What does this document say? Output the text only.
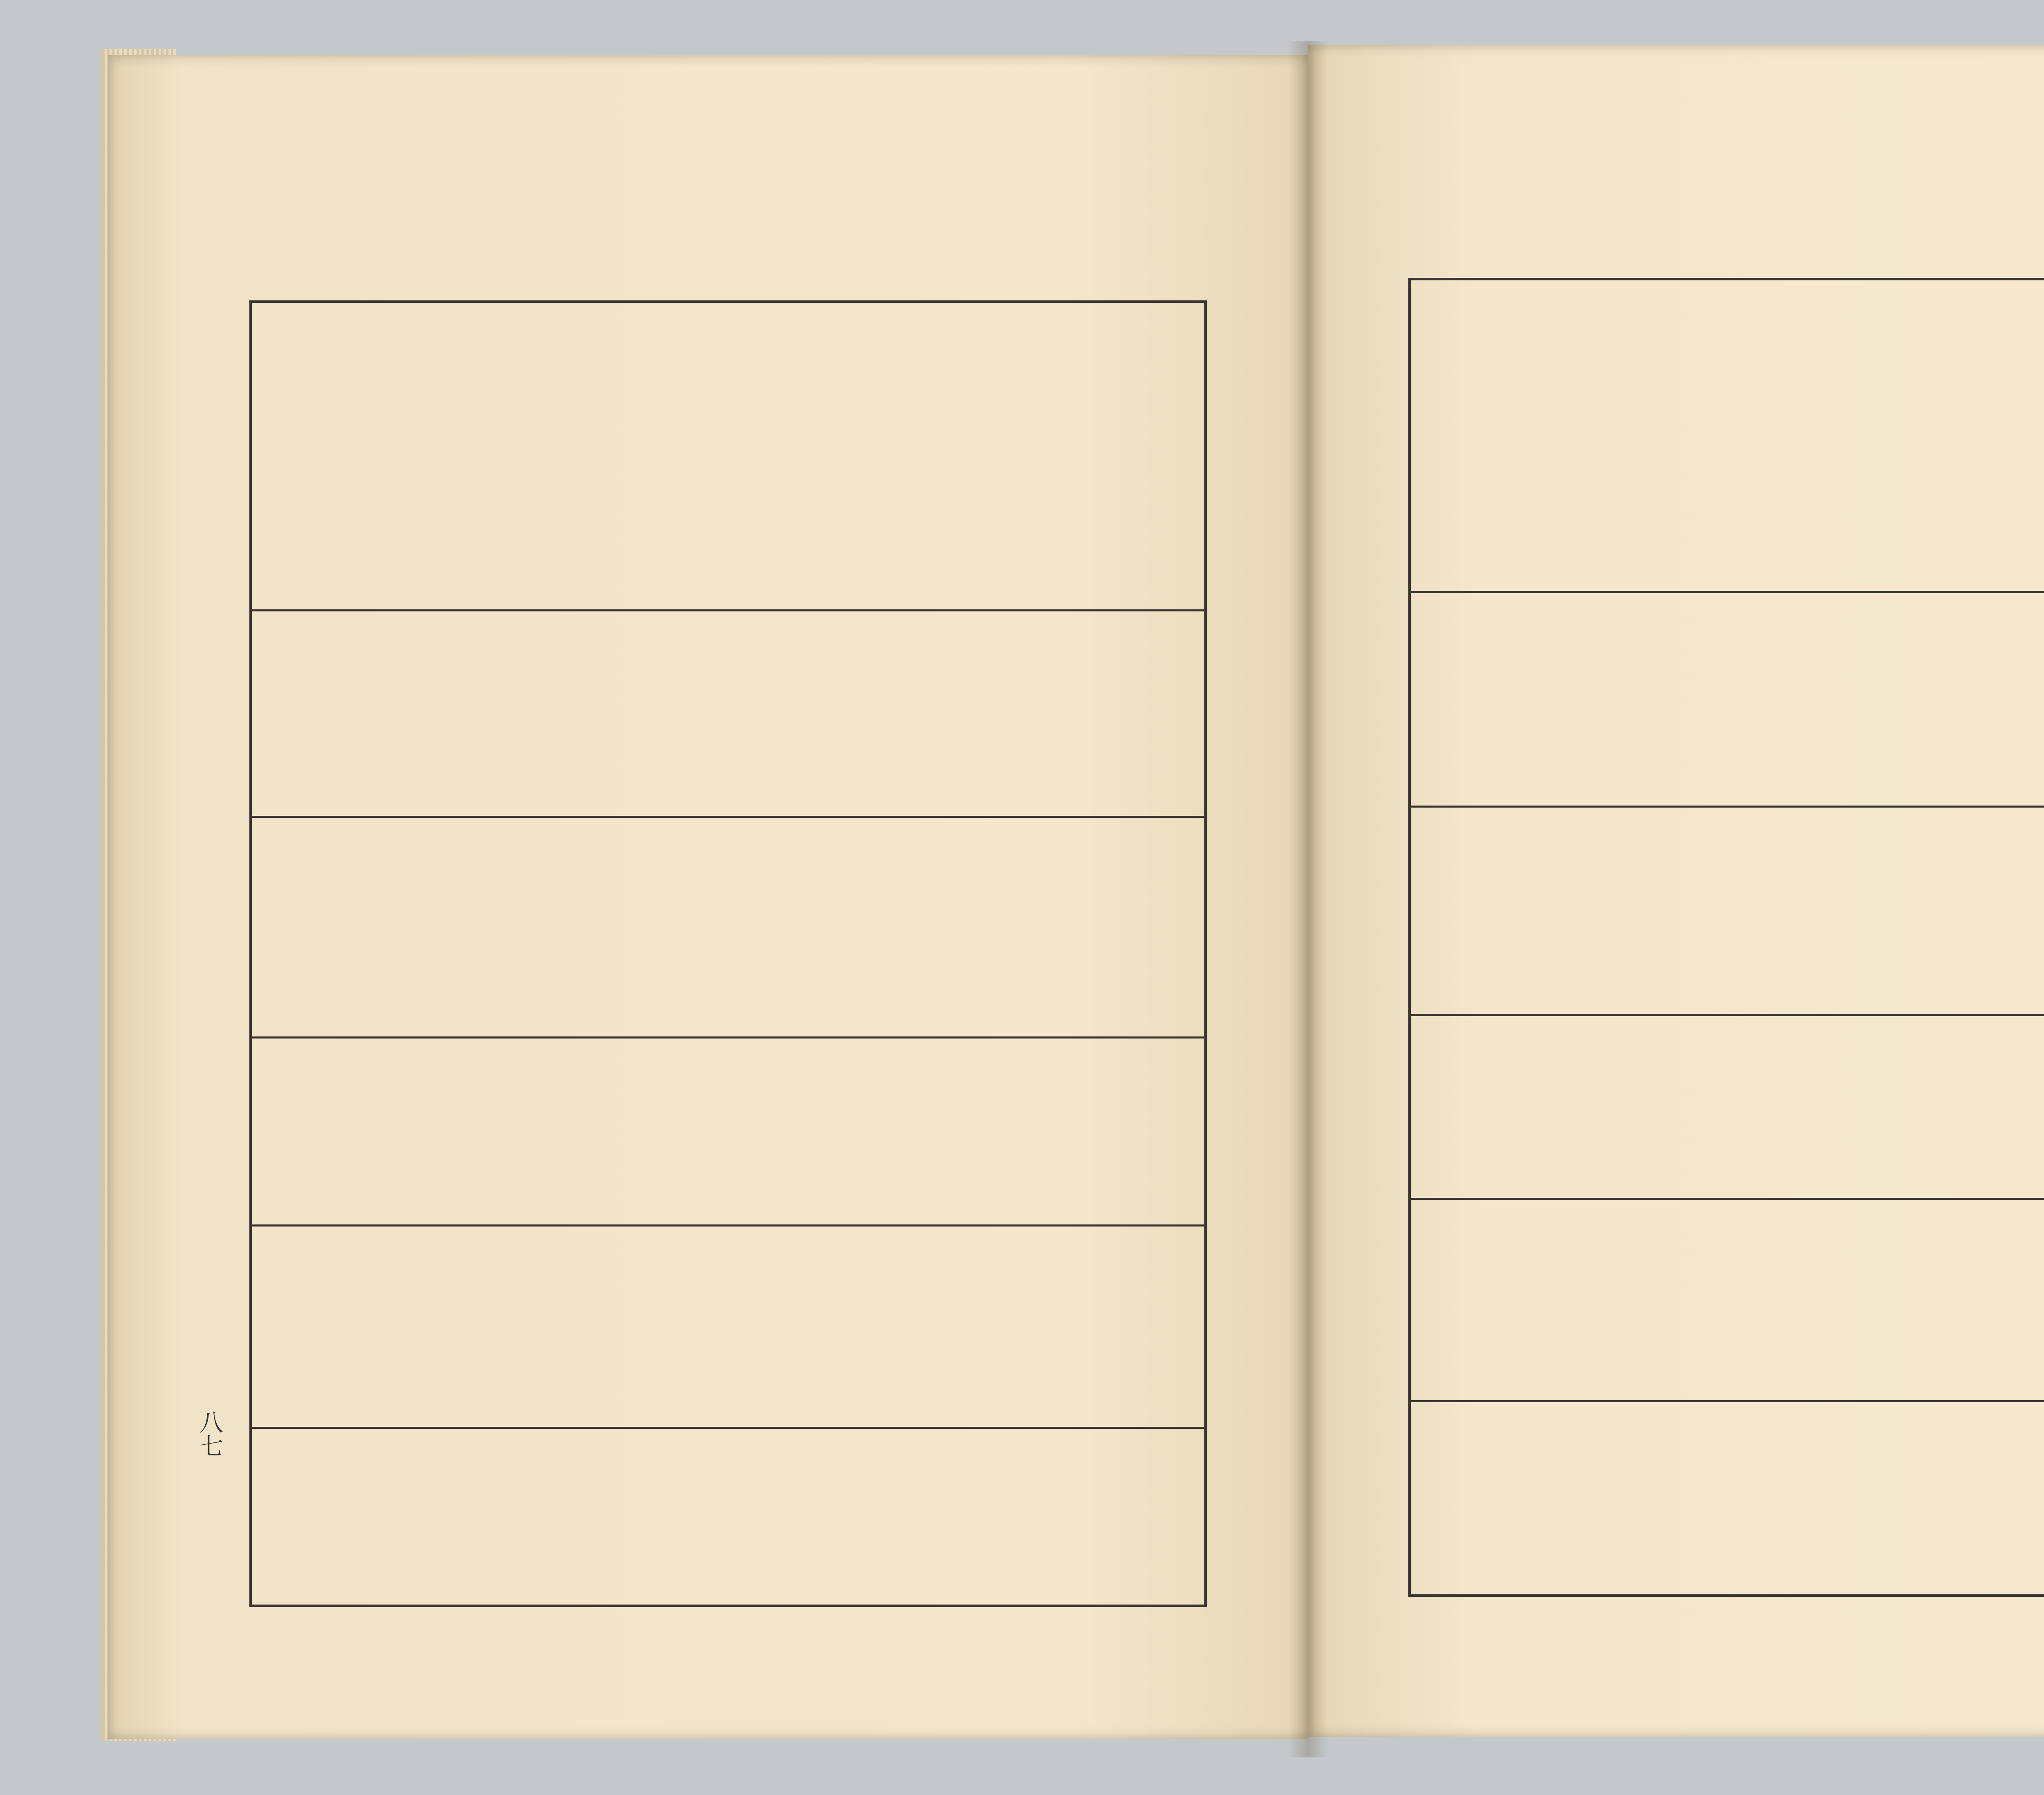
八七
